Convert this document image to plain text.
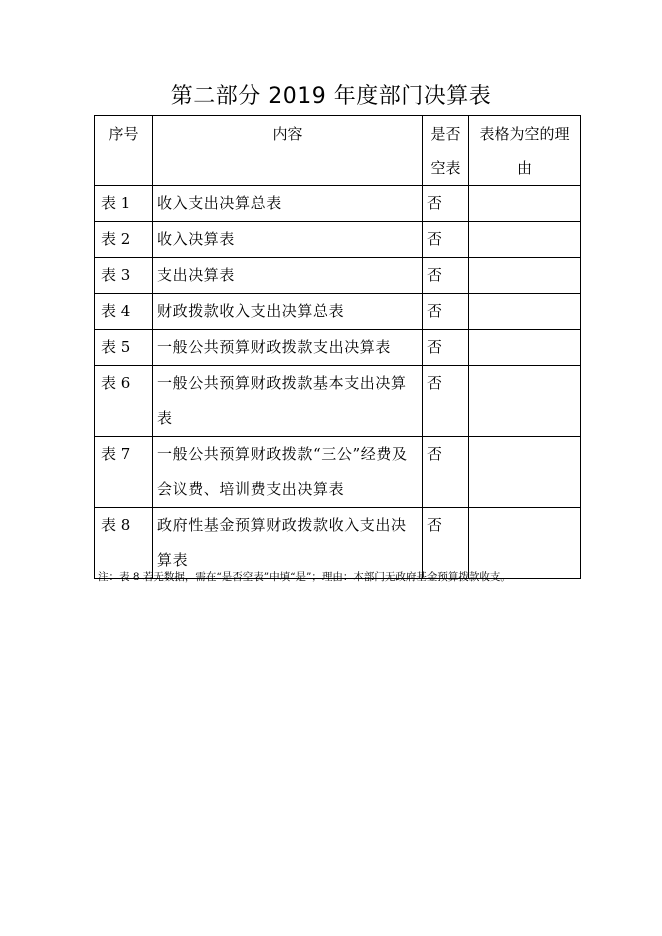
第二部分 2019 年度部门决算表
序号	内容	是否空表	表格为空的理由
表 1	收入支出决算总表	否	
表 2	收入决算表	否	
表 3	支出决算表	否	
表 4	财政拨款收入支出决算总表	否	
表 5	一般公共预算财政拨款支出决算表	否	
表 6	一般公共预算财政拨款基本支出决算表	否	
表 7	一般公共预算财政拨款“三公”经费及会议费、培训费支出决算表	否	
表 8	政府性基金预算财政拨款收入支出决算表	否	
注：表 8 若无数据，需在“是否空表”中填“是”；理由：本部门无政府基金预算拨款收支。
